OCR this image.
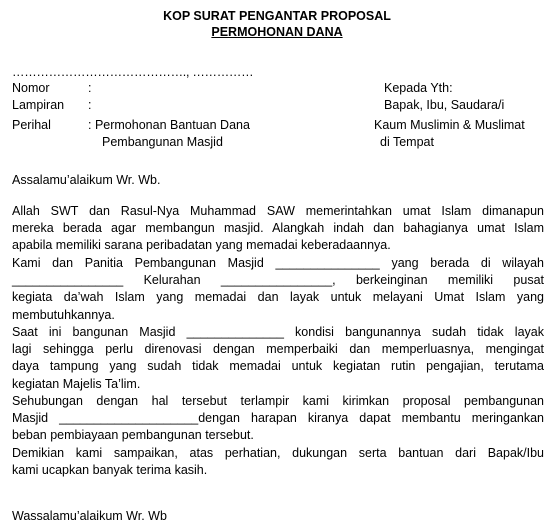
KOP SURAT PENGANTAR PROPOSAL
PERMOHONAN DANA
……………………………………., ……………
Nomor	:
Lampiran :
Perihal	: Permohonan Bantuan Dana
Pembangunan Masjid
Kepada Yth:
Bapak, Ibu, Saudara/i
Kaum Muslimin & Muslimat
di Tempat
Assalamu’alaikum Wr. Wb.
Allah SWT dan Rasul-Nya Muhammad SAW memerintahkan umat Islam dimanapun
mereka berada agar membangun masjid. Alangkah indah dan bahagianya umat Islam
apabila memiliki sarana peribadatan yang memadai keberadaannya.
Kami dan Panitia Pembangunan Masjid _______________ yang berada di wilayah
________________ Kelurahan ________________, berkeinginan memiliki pusat
kegiata da’wah Islam yang memadai dan layak untuk melayani Umat Islam yang
membutuhkannya.
Saat ini bangunan Masjid ______________ kondisi bangunannya sudah tidak layak
lagi sehingga perlu direnovasi dengan memperbaiki dan memperluasnya, mengingat
daya tampung yang sudah tidak memadai untuk kegiatan rutin pengajian, terutama
kegiatan Majelis Ta’lim.
Sehubungan dengan hal tersebut terlampir kami kirimkan proposal pembangunan
Masjid ____________________dengan harapan kiranya dapat membantu meringankan
beban pembiayaan pembangunan tersebut.
Demikian kami sampaikan, atas perhatian, dukungan serta bantuan dari Bapak/Ibu
kami ucapkan banyak terima kasih.
Wassalamu’alaikum Wr. Wb
